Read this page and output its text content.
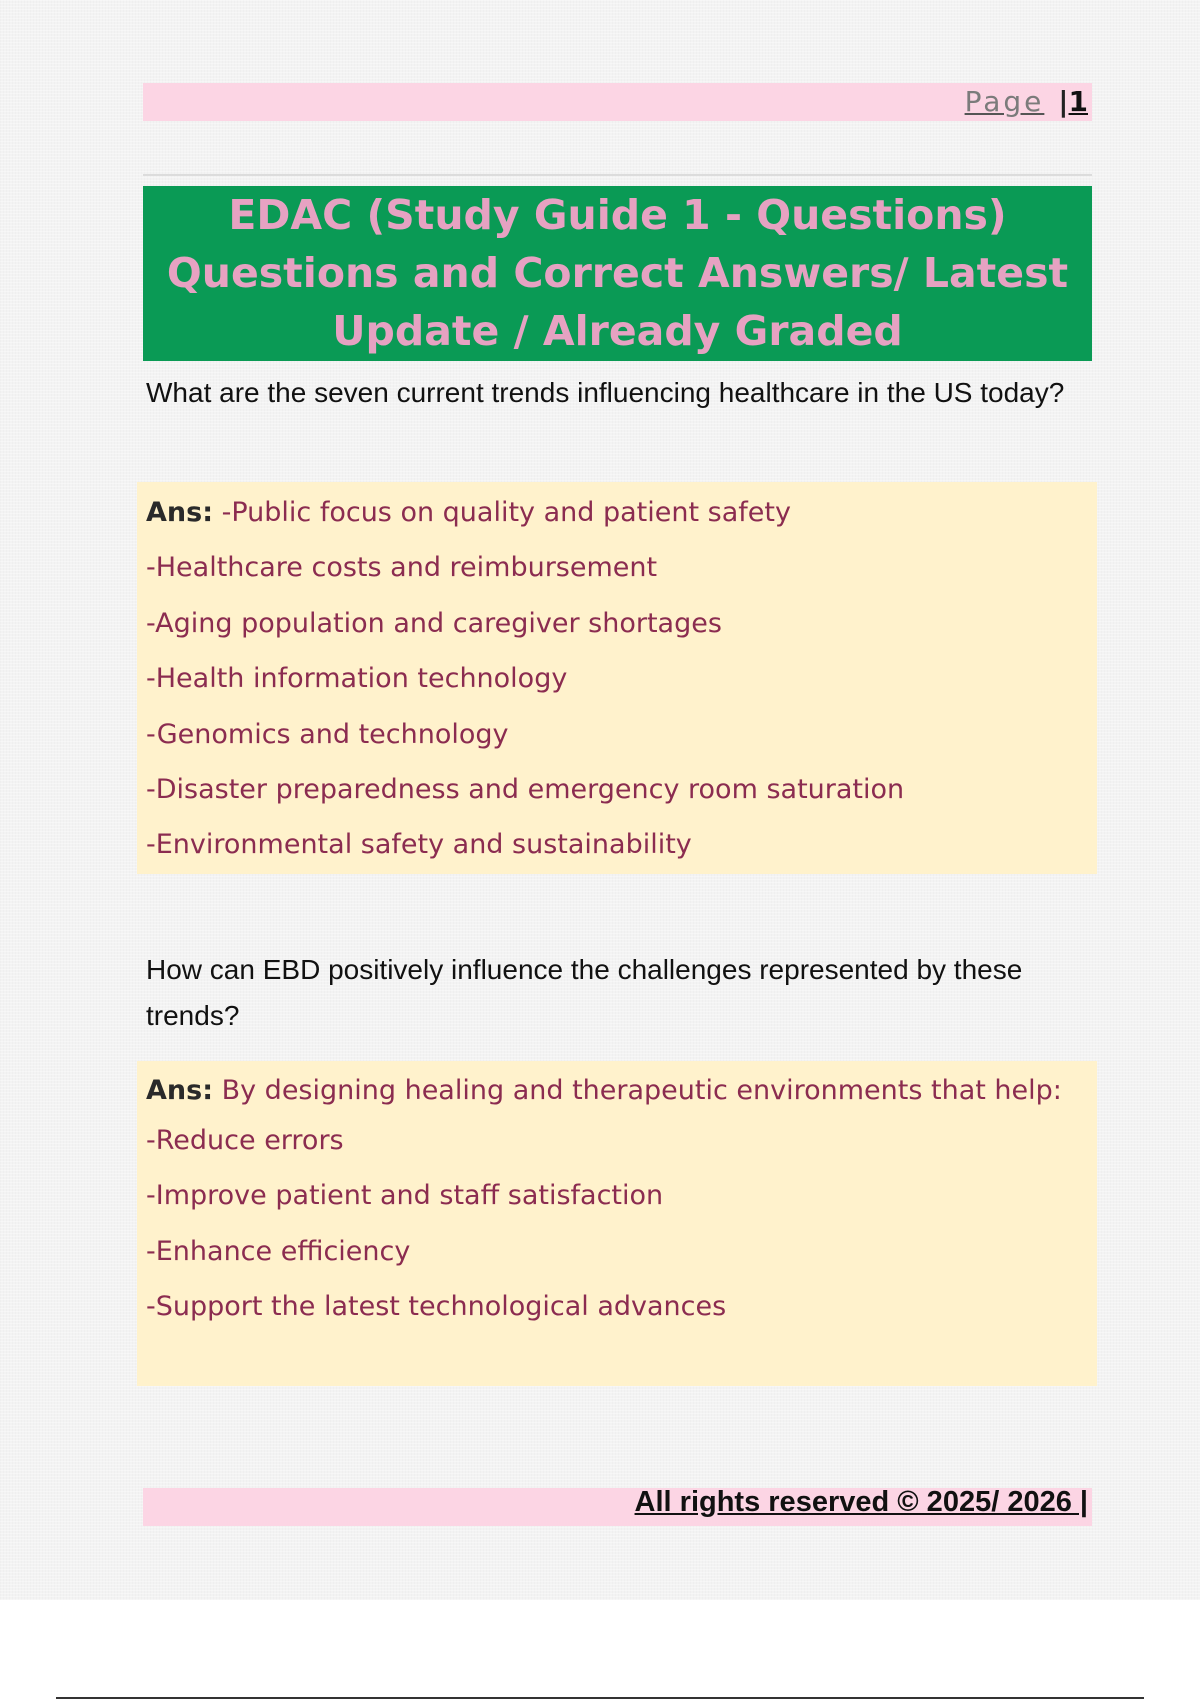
Page |1
EDAC (Study Guide 1 - Questions)
Questions and Correct Answers/ Latest
Update / Already Graded
What are the seven current trends influencing healthcare in the US today?
Ans: -Public focus on quality and patient safety
-Healthcare costs and reimbursement
-Aging population and caregiver shortages
-Health information technology
-Genomics and technology
-Disaster preparedness and emergency room saturation
-Environmental safety and sustainability
How can EBD positively influence the challenges represented by these trends?
Ans: By designing healing and therapeutic environments that help:
-Reduce errors
-Improve patient and staff satisfaction
-Enhance efficiency
-Support the latest technological advances
All rights reserved © 2025/ 2026 |
